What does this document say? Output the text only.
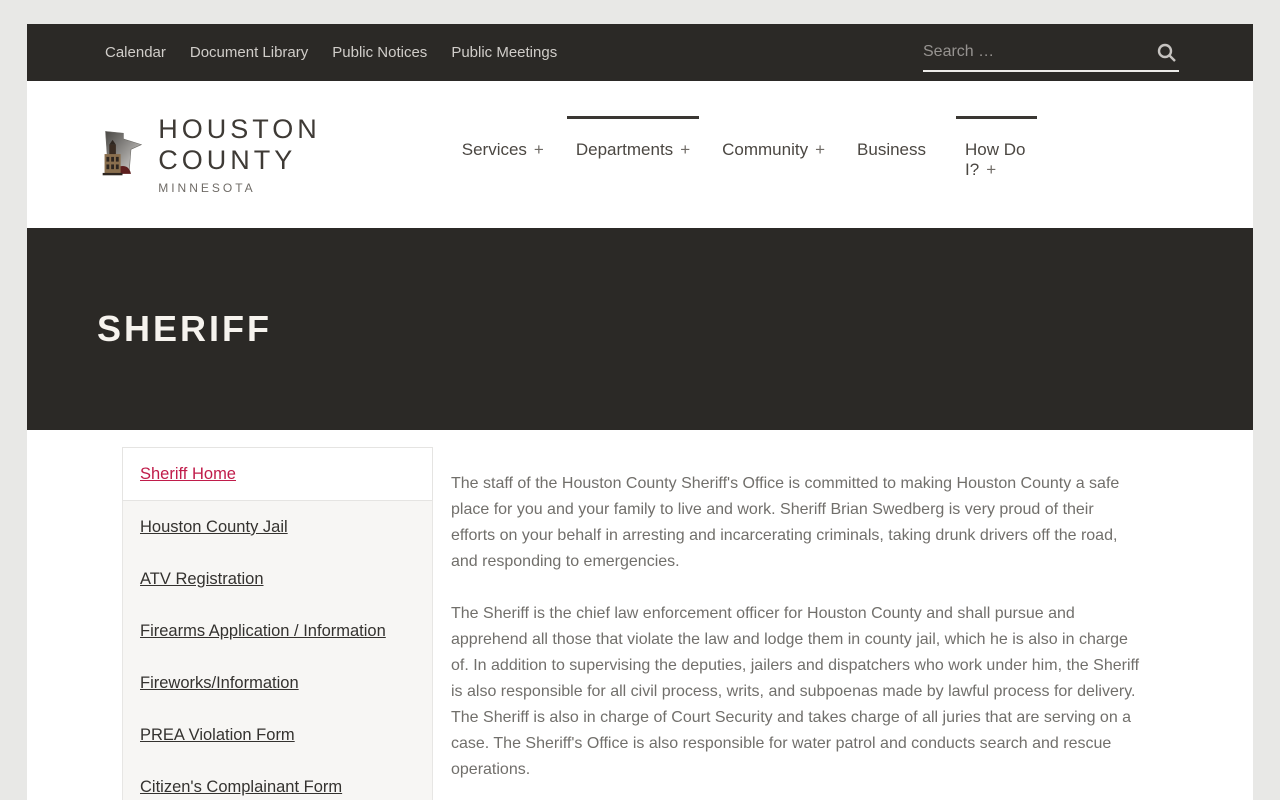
Calendar Document Library Public Notices Public Meetings
Search …
HOUSTON COUNTY
MINNESOTA
Services +	Departments +	Community +	Business	How Do I? +
SHERIFF
Sheriff Home
Houston County Jail
ATV Registration
Firearms Application / Information
Fireworks/Information
PREA Violation Form
Citizen's Complainant Form

The staff of the Houston County Sheriff's Office is committed to making Houston County a safe place for you and your family to live and work. Sheriff Brian Swedberg is very proud of their efforts on your behalf in arresting and incarcerating criminals, taking drunk drivers off the road, and responding to emergencies.

The Sheriff is the chief law enforcement officer for Houston County and shall pursue and apprehend all those that violate the law and lodge them in county jail, which he is also in charge of. In addition to supervising the deputies, jailers and dispatchers who work under him, the Sheriff is also responsible for all civil process, writs, and subpoenas made by lawful process for delivery. The Sheriff is also in charge of Court Security and takes charge of all juries that are serving on a case. The Sheriff's Office is also responsible for water patrol and conducts search and rescue operations.
